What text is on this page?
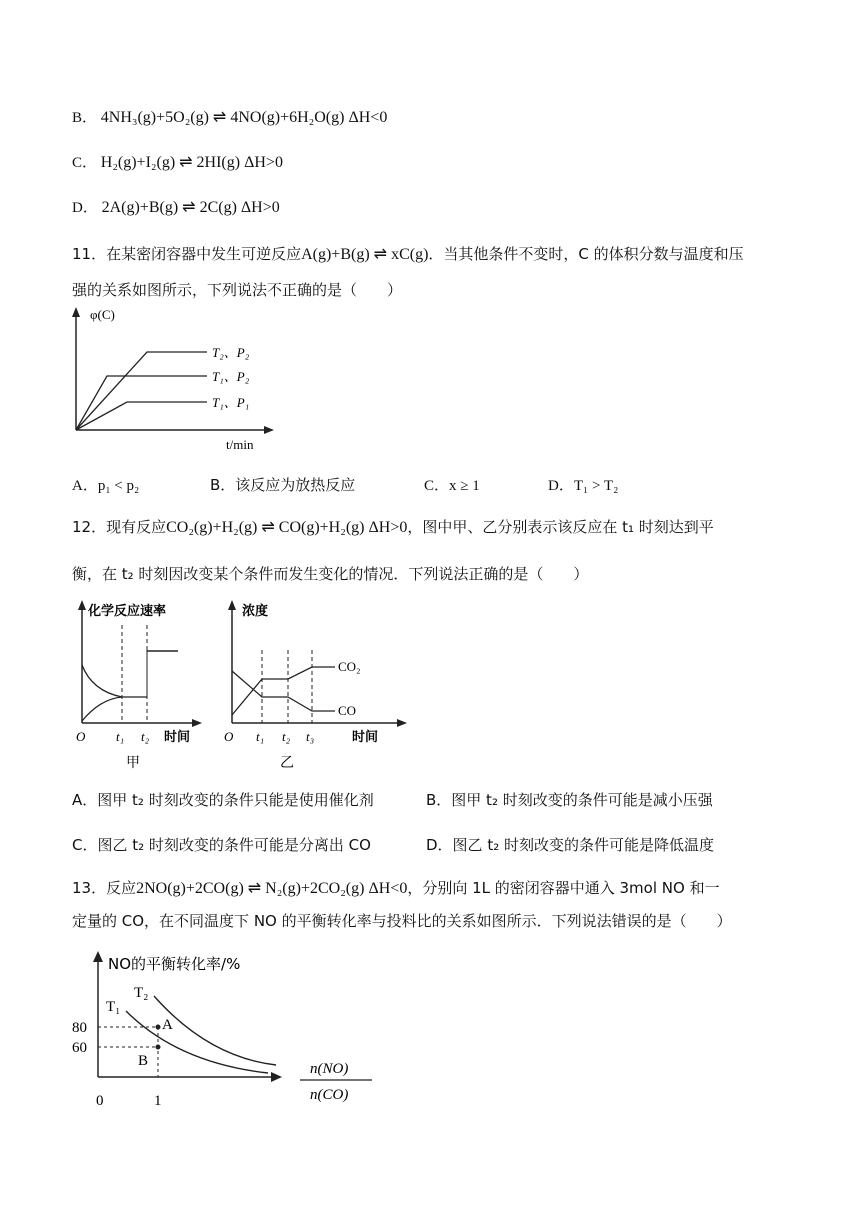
B． 4NH₃(g)+5O₂(g) ⇌ 4NO(g)+6H₂O(g) ΔH<0
C． H₂(g)+I₂(g) ⇌ 2HI(g) ΔH>0
D． 2A(g)+B(g) ⇌ 2C(g) ΔH>0
11．在某密闭容器中发生可逆反应A(g)+B(g) ⇌ xC(g)．当其他条件不变时，C 的体积分数与温度和压
强的关系如图所示，下列说法不正确的是（　　）
φ(C)
T₂、P₂
T₁、P₂
T₁、P₁
t/min
A．p₁ < p₂	B．该反应为放热反应	C．x ≥ 1	D．T₁ > T₂
12．现有反应CO₂(g)+H₂(g) ⇌ CO(g)+H₂(g) ΔH>0，图中甲、乙分别表示该反应在 t₁ 时刻达到平
衡，在 t₂ 时刻因改变某个条件而发生变化的情况．下列说法正确的是（　　）
化学反应速率
O t₁ t₂ 时间
甲
浓度
CO₂
CO
O t₁ t₂ t₃	时间
乙
A．图甲 t₂ 时刻改变的条件只能是使用催化剂	B．图甲 t₂ 时刻改变的条件可能是减小压强
C．图乙 t₂ 时刻改变的条件可能是分离出 CO	D．图乙 t₂ 时刻改变的条件可能是降低温度
13．反应2NO(g)+2CO(g) ⇌ N₂(g)+2CO₂(g) ΔH<0，分别向 1L 的密闭容器中通入 3mol NO 和一
定量的 CO，在不同温度下 NO 的平衡转化率与投料比的关系如图所示．下列说法错误的是（　　）
NO的平衡转化率/%
T₁
T₂
A
B
80
60
0	1
n(NO)
n(CO)
